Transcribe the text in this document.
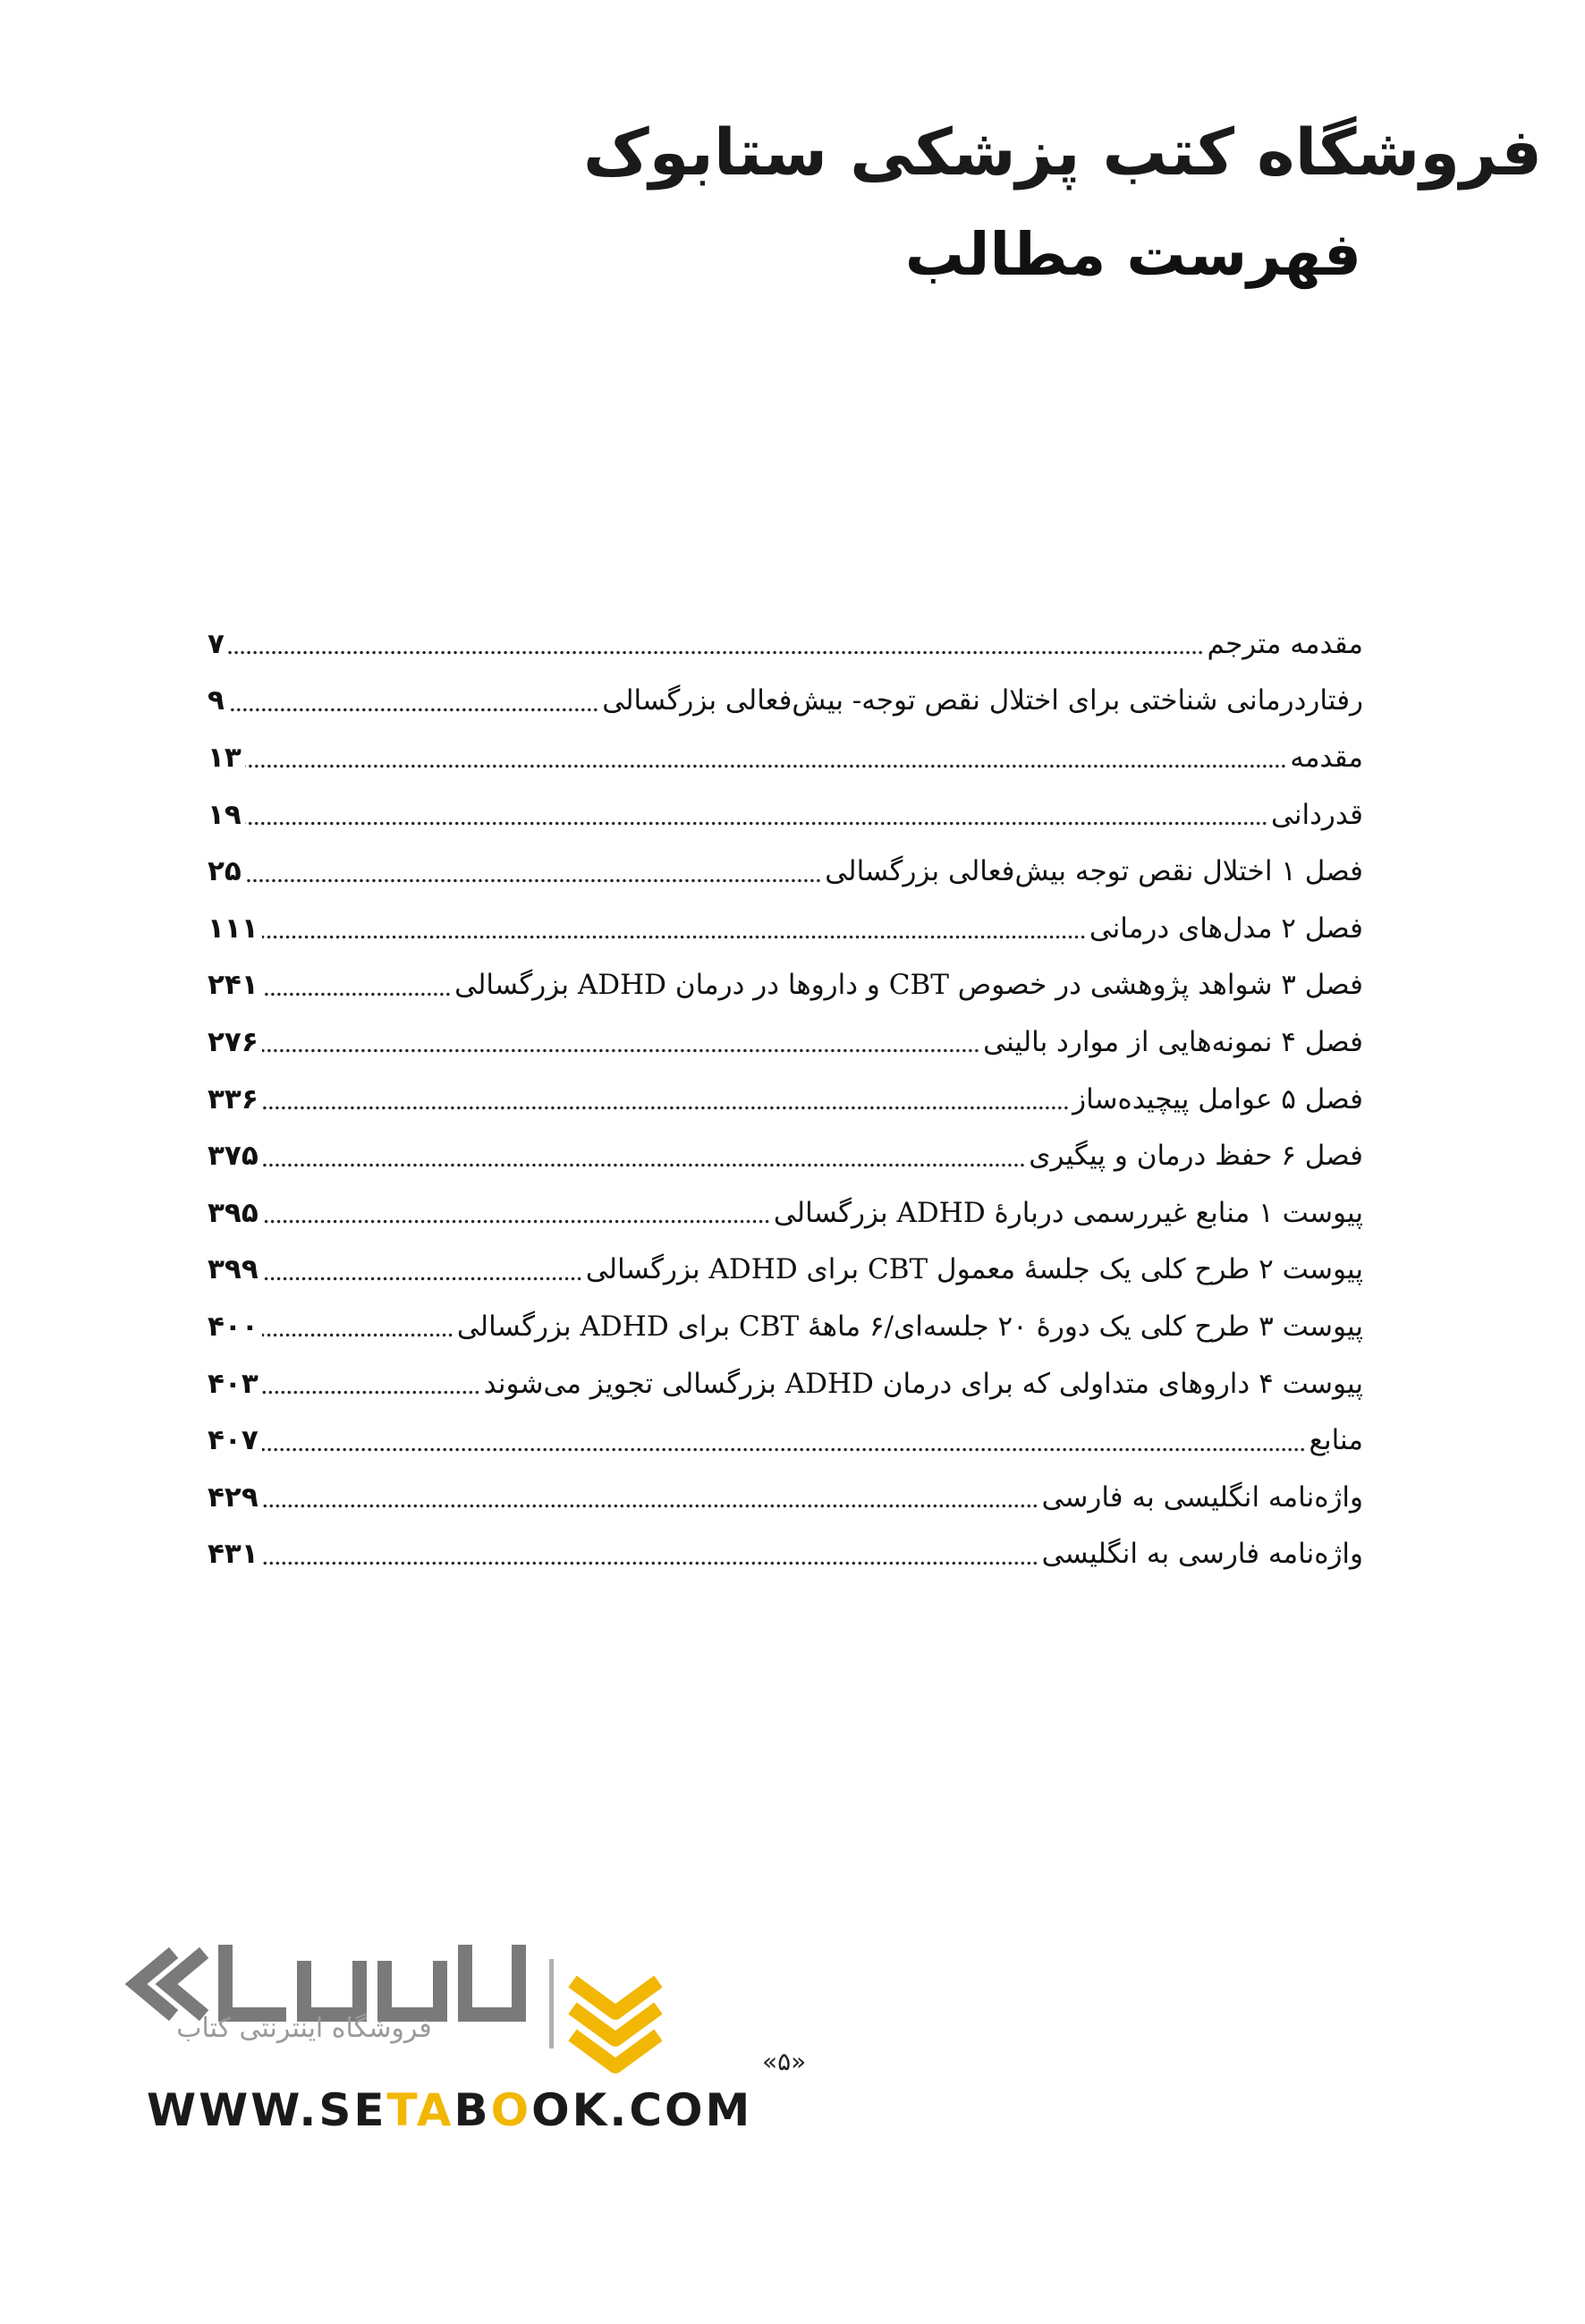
فروشگاه کتب پزشکی ستابوک
فهرست مطالب
مقدمه مترجم
۷
رفتاردرمانی شناختی برای اختلال نقص توجه- بیش‌فعالی بزرگسالی
۹
مقدمه
۱۳
قدردانی
۱۹
فصل ۱ اختلال نقص توجه بیش‌فعالی بزرگسالی
۲۵
فصل ۲ مدل‌های درمانی
۱۱۱
فصل ۳ شواهد پژوهشی در خصوص CBT و داروها در درمان ADHD بزرگسالی
۲۴۱
فصل ۴ نمونه‌هایی از موارد بالینی
۲۷۶
فصل ۵ عوامل پیچیده‌ساز
۳۳۶
فصل ۶ حفظ درمان و پیگیری
۳۷۵
پیوست ۱ منابع غیررسمی دربارهٔ ADHD بزرگسالی
۳۹۵
پیوست ۲ طرح کلی یک جلسهٔ معمول CBT برای ADHD بزرگسالی
۳۹۹
پیوست ۳ طرح کلی یک دورهٔ ۲۰ جلسه‌ای/۶ ماههٔ CBT برای ADHD بزرگسالی
۴۰۰
پیوست ۴ داروهای متداولی که برای درمان ADHD بزرگسالی تجویز می‌شوند
۴۰۳
منابع
۴۰۷
واژه‌نامه انگلیسی به فارسی
۴۲۹
واژه‌نامه فارسی به انگلیسی
۴۳۱
فروشگاه اینترنتی کتاب
WWW.SETABOOK.COM
«۵»
